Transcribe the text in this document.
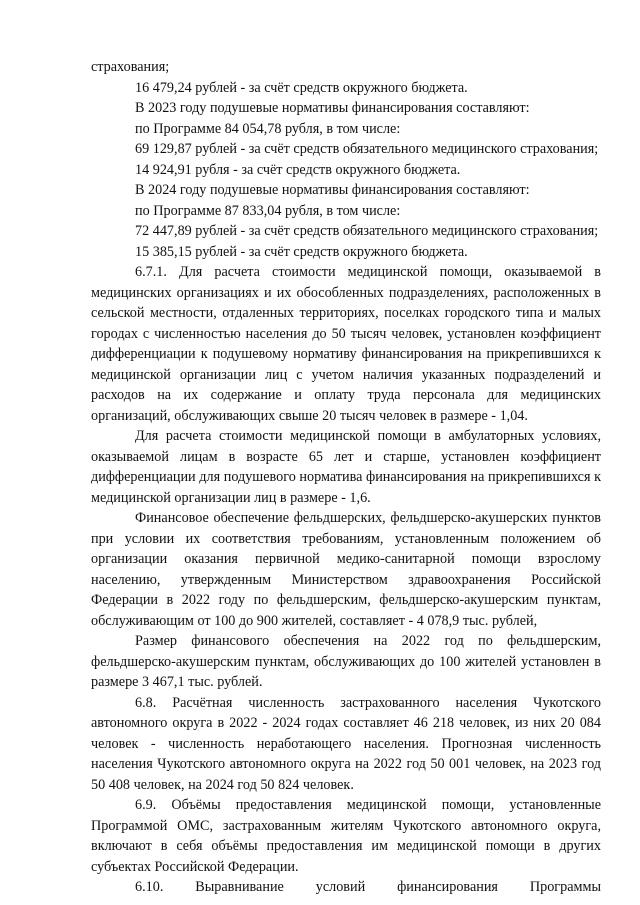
страхования;

16 479,24 рублей - за счёт средств окружного бюджета.

В 2023 году подушевые нормативы финансирования составляют:

по Программе 84 054,78 рубля, в том числе:

69 129,87 рублей - за счёт средств обязательного медицинского страхования;

14 924,91 рубля - за счёт средств окружного бюджета.

В 2024 году подушевые нормативы финансирования составляют:

по Программе 87 833,04 рубля, в том числе:

72 447,89 рублей - за счёт средств обязательного медицинского страхования;

15 385,15 рублей - за счёт средств окружного бюджета.

6.7.1. Для расчета стоимости медицинской помощи, оказываемой в медицинских организациях и их обособленных подразделениях, расположенных в сельской местности, отдаленных территориях, поселках городского типа и малых городах с численностью населения до 50 тысяч человек, установлен коэффициент дифференциации к подушевому нормативу финансирования на прикрепившихся к медицинской организации лиц с учетом наличия указанных подразделений и расходов на их содержание и оплату труда персонала для медицинских организаций, обслуживающих свыше 20 тысяч человек в размере - 1,04.

Для расчета стоимости медицинской помощи в амбулаторных условиях, оказываемой лицам в возрасте 65 лет и старше, установлен коэффициент дифференциации для подушевого норматива финансирования на прикрепившихся к медицинской организации лиц в размере - 1,6.

Финансовое обеспечение фельдшерских, фельдшерско-акушерских пунктов при условии их соответствия требованиям, установленным положением об организации оказания первичной медико-санитарной помощи взрослому населению, утвержденным Министерством здравоохранения Российской Федерации в 2022 году по фельдшерским, фельдшерско-акушерским пунктам, обслуживающим от 100 до 900 жителей, составляет - 4 078,9 тыс. рублей,

Размер финансового обеспечения на 2022 год по фельдшерским, фельдшерско-акушерским пунктам, обслуживающих до 100 жителей установлен в размере 3 467,1 тыс. рублей.

6.8. Расчётная численность застрахованного населения Чукотского автономного округа в 2022 - 2024 годах составляет 46 218 человек, из них 20 084 человек - численность неработающего населения. Прогнозная численность населения Чукотского автономного округа на 2022 год 50 001 человек, на 2023 год 50 408 человек, на 2024 год 50 824 человек.

6.9. Объёмы предоставления медицинской помощи, установленные Программой ОМС, застрахованным жителям Чукотского автономного округа, включают в себя объёмы предоставления им медицинской помощи в других субъектах Российской Федерации.

6.10. Выравнивание условий финансирования Программы
